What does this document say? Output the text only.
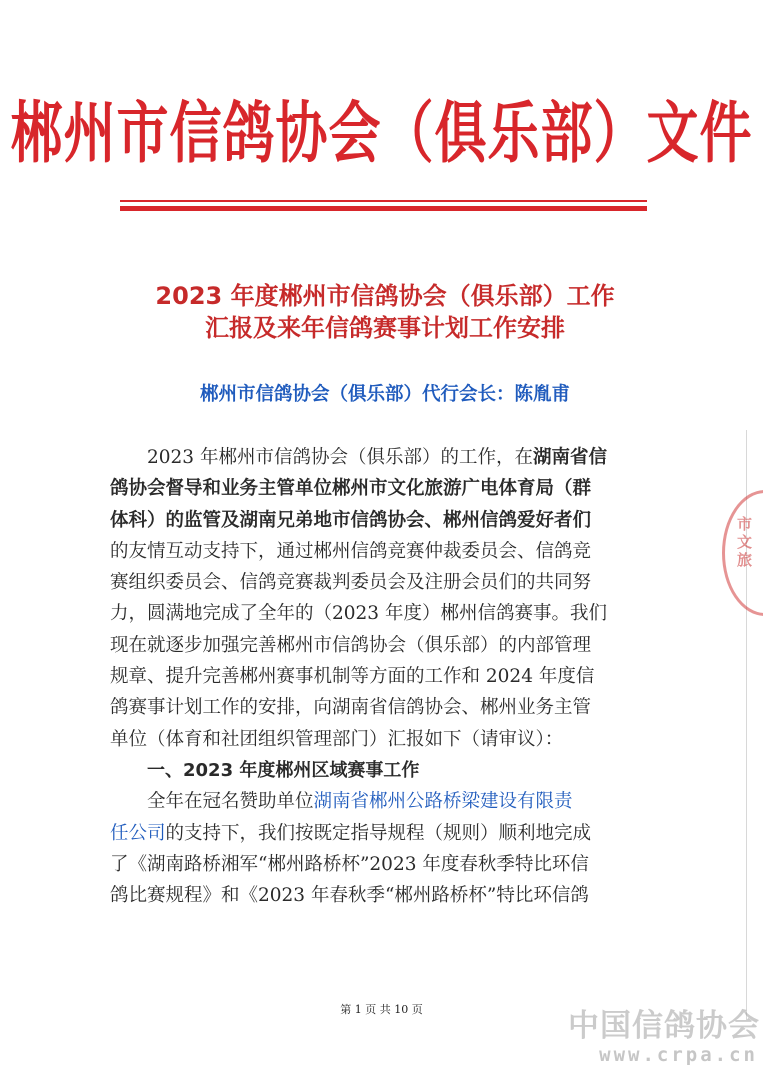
郴州市信鸽协会（俱乐部）文件
2023 年度郴州市信鸽协会（俱乐部）工作
汇报及来年信鸽赛事计划工作安排
郴州市信鸽协会（俱乐部）代行会长：陈胤甫
2023 年郴州市信鸽协会（俱乐部）的工作，在湖南省信
鸽协会督导和业务主管单位郴州市文化旅游广电体育局（群
体科）的监管及湖南兄弟地市信鸽协会、郴州信鸽爱好者们
的友情互动支持下，通过郴州信鸽竞赛仲裁委员会、信鸽竞
赛组织委员会、信鸽竞赛裁判委员会及注册会员们的共同努
力，圆满地完成了全年的（2023 年度）郴州信鸽赛事。我们
现在就逐步加强完善郴州市信鸽协会（俱乐部）的内部管理
规章、提升完善郴州赛事机制等方面的工作和 2024 年度信
鸽赛事计划工作的安排，向湖南省信鸽协会、郴州业务主管
单位（体育和社团组织管理部门）汇报如下（请审议）：
一、2023 年度郴州区域赛事工作
全年在冠名赞助单位湖南省郴州公路桥梁建设有限责
任公司的支持下，我们按既定指导规程（规则）顺利地完成
了《湖南路桥湘军“郴州路桥杯”2023 年度春秋季特比环信
鸽比赛规程》和《2023 年春秋季“郴州路桥杯”特比环信鸽
市文旅
第 1 页 共 10 页	中国信鸽协会
www.crpa.cn
